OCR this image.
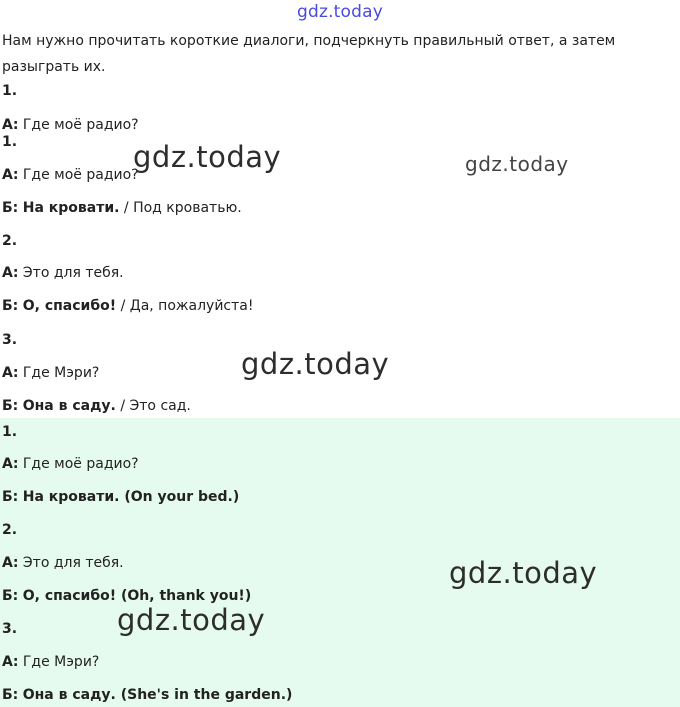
gdz.today
Нам нужно прочитать короткие диалоги, подчеркнуть правильный ответ, а затем разыграть их.
1.
А: Где моё радио?
1.
А: Где моё радио?
Б: На кровати. / Под кроватью.
2.
А: Это для тебя.
Б: О, спасибо! / Да, пожалуйста!
3.
А: Где Мэри?
Б: Она в саду. / Это сад.
1.
А: Где моё радио?
Б: На кровати. (On your bed.)
2.
А: Это для тебя.
Б: О, спасибо! (Oh, thank you!)
3.
А: Где Мэри?
Б: Она в саду. (She's in the garden.)
gdz.today	gdz.today
gdz.today
gdz.today
gdz.today
